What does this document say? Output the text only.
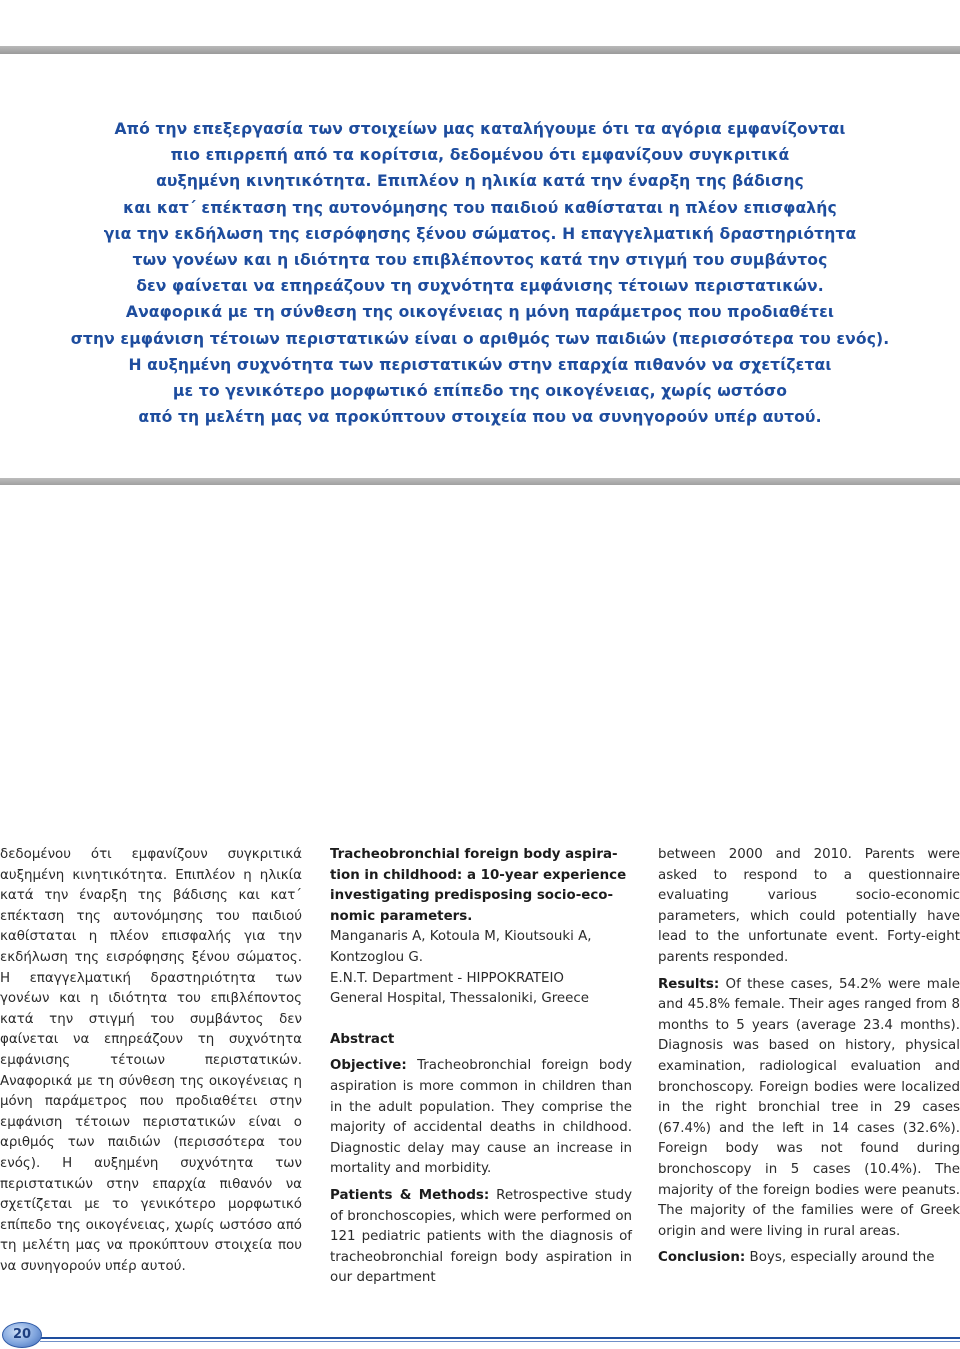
Από την επεξεργασία των στοιχείων μας καταλήγουμε ότι τα αγόρια εμφανίζονται
πιο επιρρεπή από τα κορίτσια, δεδομένου ότι εμφανίζουν συγκριτικά
αυξημένη κινητικότητα. Επιπλέον η ηλικία κατά την έναρξη της βάδισης
και κατ΄ επέκταση της αυτονόμησης του παιδιού καθίσταται η πλέον επισφαλής
για την εκδήλωση της εισρόφησης ξένου σώματος. Η επαγγελματική δραστηριότητα
των γονέων και η ιδιότητα του επιβλέποντος κατά την στιγμή του συμβάντος
δεν φαίνεται να επηρεάζουν τη συχνότητα εμφάνισης τέτοιων περιστατικών.
Αναφορικά με τη σύνθεση της οικογένειας η μόνη παράμετρος που προδιαθέτει
στην εμφάνιση τέτοιων περιστατικών είναι ο αριθμός των παιδιών (περισσότερα του ενός).
Η αυξημένη συχνότητα των περιστατικών στην επαρχία πιθανόν να σχετίζεται
με το γενικότερο μορφωτικό επίπεδο της οικογένειας, χωρίς ωστόσο
από τη μελέτη μας να προκύπτουν στοιχεία που να συνηγορούν υπέρ αυτού.

δεδομένου ότι εμφανίζουν συγκριτικά αυξημένη κινητικότητα. Επιπλέον η ηλικία κατά την έναρξη της βάδισης και κατ΄ επέκταση της αυτονόμησης του παιδιού καθίσταται η πλέον επισφαλής για την εκδήλωση της εισρόφησης ξένου σώματος. Η επαγγελματική δραστηριότητα των γονέων και η ιδιότητα του επιβλέποντος κατά την στιγμή του συμβάντος δεν φαίνεται να επηρεάζουν τη συχνότητα εμφάνισης τέτοιων περιστατικών. Αναφορικά με τη σύνθεση της οικογένειας η μόνη παράμετρος που προδιαθέτει στην εμφάνιση τέτοιων περιστατικών είναι ο αριθμός των παιδιών (περισσότερα του ενός). Η αυξημένη συχνότητα των περιστατικών στην επαρχία πιθανόν να σχετίζεται με το γενικότερο μορφωτικό επίπεδο της οικογένειας, χωρίς ωστόσο από τη μελέτη μας να προκύπτουν στοιχεία που να συνηγορούν υπέρ αυτού.

Tracheobronchial foreign body aspira-
tion in childhood: a 10-year experience
investigating predisposing socio-eco-
nomic parameters.
Manganaris A, Kotoula M, Kioutsouki A,
Kontzoglou G.
E.N.T. Department - HIPPOKRATEIO
General Hospital, Thessaloniki, Greece

Abstract

Objective: Tracheobronchial foreign body aspiration is more common in children than in the adult population. They comprise the majority of accidental deaths in childhood. Diagnostic delay may cause an increase in mortality and morbidity.

Patients & Methods: Retrospective study of bronchoscopies, which were performed on 121 pediatric patients with the diagnosis of tracheobronchial foreign body aspiration in our department

between 2000 and 2010. Parents were asked to respond to a questionnaire evaluating various socio-economic parameters, which could potentially have lead to the unfortunate event. Forty-eight parents responded.

Results: Of these cases, 54.2% were male and 45.8% female. Their ages ranged from 8 months to 5 years (average 23.4 months). Diagnosis was based on history, physical examination, radiological evaluation and bronchoscopy. Foreign bodies were localized in the right bronchial tree in 29 cases (67.4%) and the left in 14 cases (32.6%). Foreign body was not found during bronchoscopy in 5 cases (10.4%). The majority of the foreign bodies were peanuts. The majority of the families were of Greek origin and were living in rural areas.

Conclusion: Boys, especially around the

20
